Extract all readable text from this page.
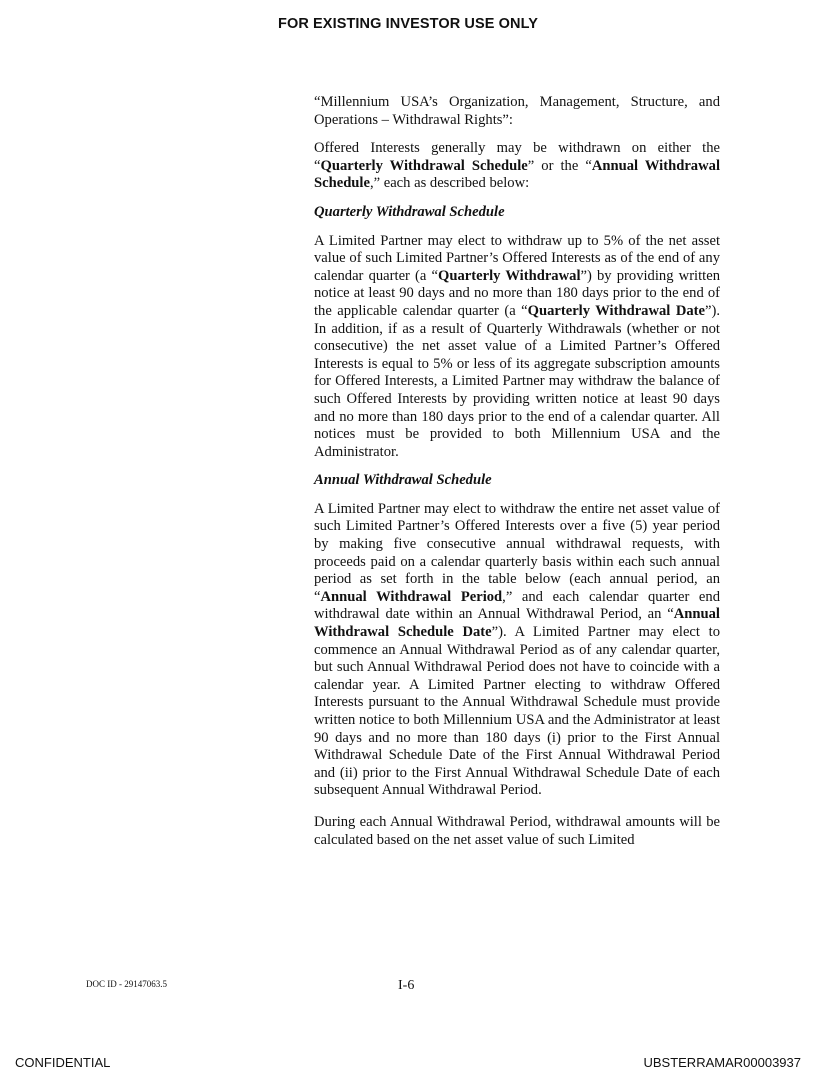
FOR EXISTING INVESTOR USE ONLY

“Millennium USA’s Organization, Management, Structure, and Operations – Withdrawal Rights”:

Offered Interests generally may be withdrawn on either the “Quarterly Withdrawal Schedule” or the “Annual Withdrawal Schedule,” each as described below:

Quarterly Withdrawal Schedule

A Limited Partner may elect to withdraw up to 5% of the net asset value of such Limited Partner’s Offered Interests as of the end of any calendar quarter (a “Quarterly Withdrawal”) by providing written notice at least 90 days and no more than 180 days prior to the end of the applicable calendar quarter (a “Quarterly Withdrawal Date”). In addition, if as a result of Quarterly Withdrawals (whether or not consecutive) the net asset value of a Limited Partner’s Offered Interests is equal to 5% or less of its aggregate subscription amounts for Offered Interests, a Limited Partner may withdraw the balance of such Offered Interests by providing written notice at least 90 days and no more than 180 days prior to the end of a calendar quarter. All notices must be provided to both Millennium USA and the Administrator.

Annual Withdrawal Schedule

A Limited Partner may elect to withdraw the entire net asset value of such Limited Partner’s Offered Interests over a five (5) year period by making five consecutive annual withdrawal requests, with proceeds paid on a calendar quarterly basis within each such annual period as set forth in the table below (each annual period, an “Annual Withdrawal Period,” and each calendar quarter end withdrawal date within an Annual Withdrawal Period, an “Annual Withdrawal Schedule Date”). A Limited Partner may elect to commence an Annual Withdrawal Period as of any calendar quarter, but such Annual Withdrawal Period does not have to coincide with a calendar year. A Limited Partner electing to withdraw Offered Interests pursuant to the Annual Withdrawal Schedule must provide written notice to both Millennium USA and the Administrator at least 90 days and no more than 180 days (i) prior to the First Annual Withdrawal Schedule Date of the First Annual Withdrawal Period and (ii) prior to the First Annual Withdrawal Schedule Date of each subsequent Annual Withdrawal Period.

During each Annual Withdrawal Period, withdrawal amounts will be calculated based on the net asset value of such Limited

DOC ID - 29147063.5	I-6
CONFIDENTIAL	UBSTERRAMAR00003937
